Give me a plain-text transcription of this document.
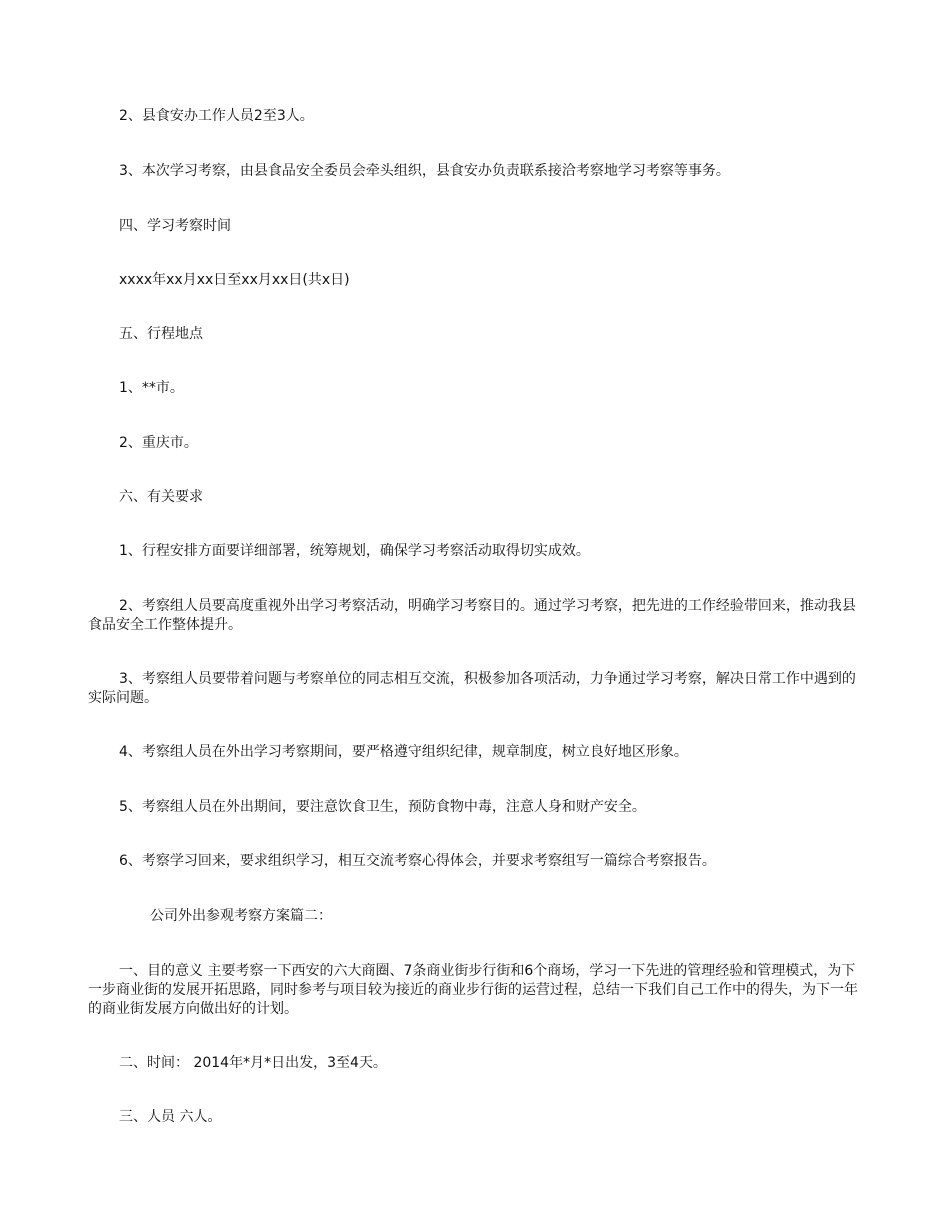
2、县食安办工作人员2至3人。

3、本次学习考察，由县食品安全委员会牵头组织，县食安办负责联系接洽考察地学习考察等事务。

四、学习考察时间

xxxx年xx月xx日至xx月xx日(共x日)

五、行程地点

1、**市。

2、重庆市。

六、有关要求

1、行程安排方面要详细部署，统筹规划，确保学习考察活动取得切实成效。

2、考察组人员要高度重视外出学习考察活动，明确学习考察目的。通过学习考察，把先进的工作经验带回来，推动我县食品安全工作整体提升。

3、考察组人员要带着问题与考察单位的同志相互交流，积极参加各项活动，力争通过学习考察，解决日常工作中遇到的实际问题。

4、考察组人员在外出学习考察期间，要严格遵守组织纪律，规章制度，树立良好地区形象。

5、考察组人员在外出期间，要注意饮食卫生，预防食物中毒，注意人身和财产安全。

6、考察学习回来，要求组织学习，相互交流考察心得体会，并要求考察组写一篇综合考察报告。

公司外出参观考察方案篇二：

一、目的意义 主要考察一下西安的六大商圈、7条商业街步行街和6个商场，学习一下先进的管理经验和管理模式，为下一步商业街的发展开拓思路，同时参考与项目较为接近的商业步行街的运营过程，总结一下我们自己工作中的得失，为下一年的商业街发展方向做出好的计划。

二、时间： 2014年*月*日出发，3至4天。

三、人员 六人。
